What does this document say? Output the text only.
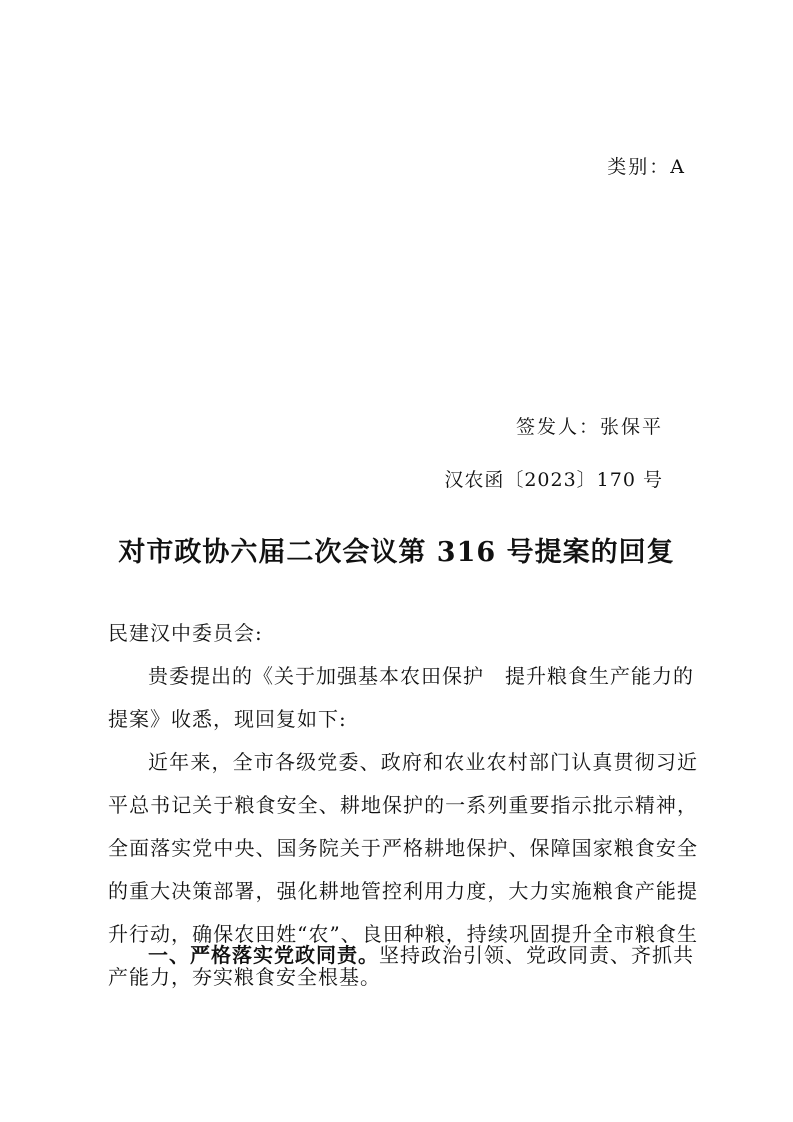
类别：A
签发人：张保平
汉农函〔2023〕170 号
对市政协六届二次会议第 316 号提案的回复
民建汉中委员会:
贵委提出的《关于加强基本农田保护　提升粮食生产能力的提案》收悉，现回复如下:
近年来，全市各级党委、政府和农业农村部门认真贯彻习近平总书记关于粮食安全、耕地保护的一系列重要指示批示精神，全面落实党中央、国务院关于严格耕地保护、保障国家粮食安全的重大决策部署，强化耕地管控利用力度，大力实施粮食产能提升行动，确保农田姓“农”、良田种粮，持续巩固提升全市粮食生产能力，夯实粮食安全根基。
一、严格落实党政同责。坚持政治引领、党政同责、齐抓共
